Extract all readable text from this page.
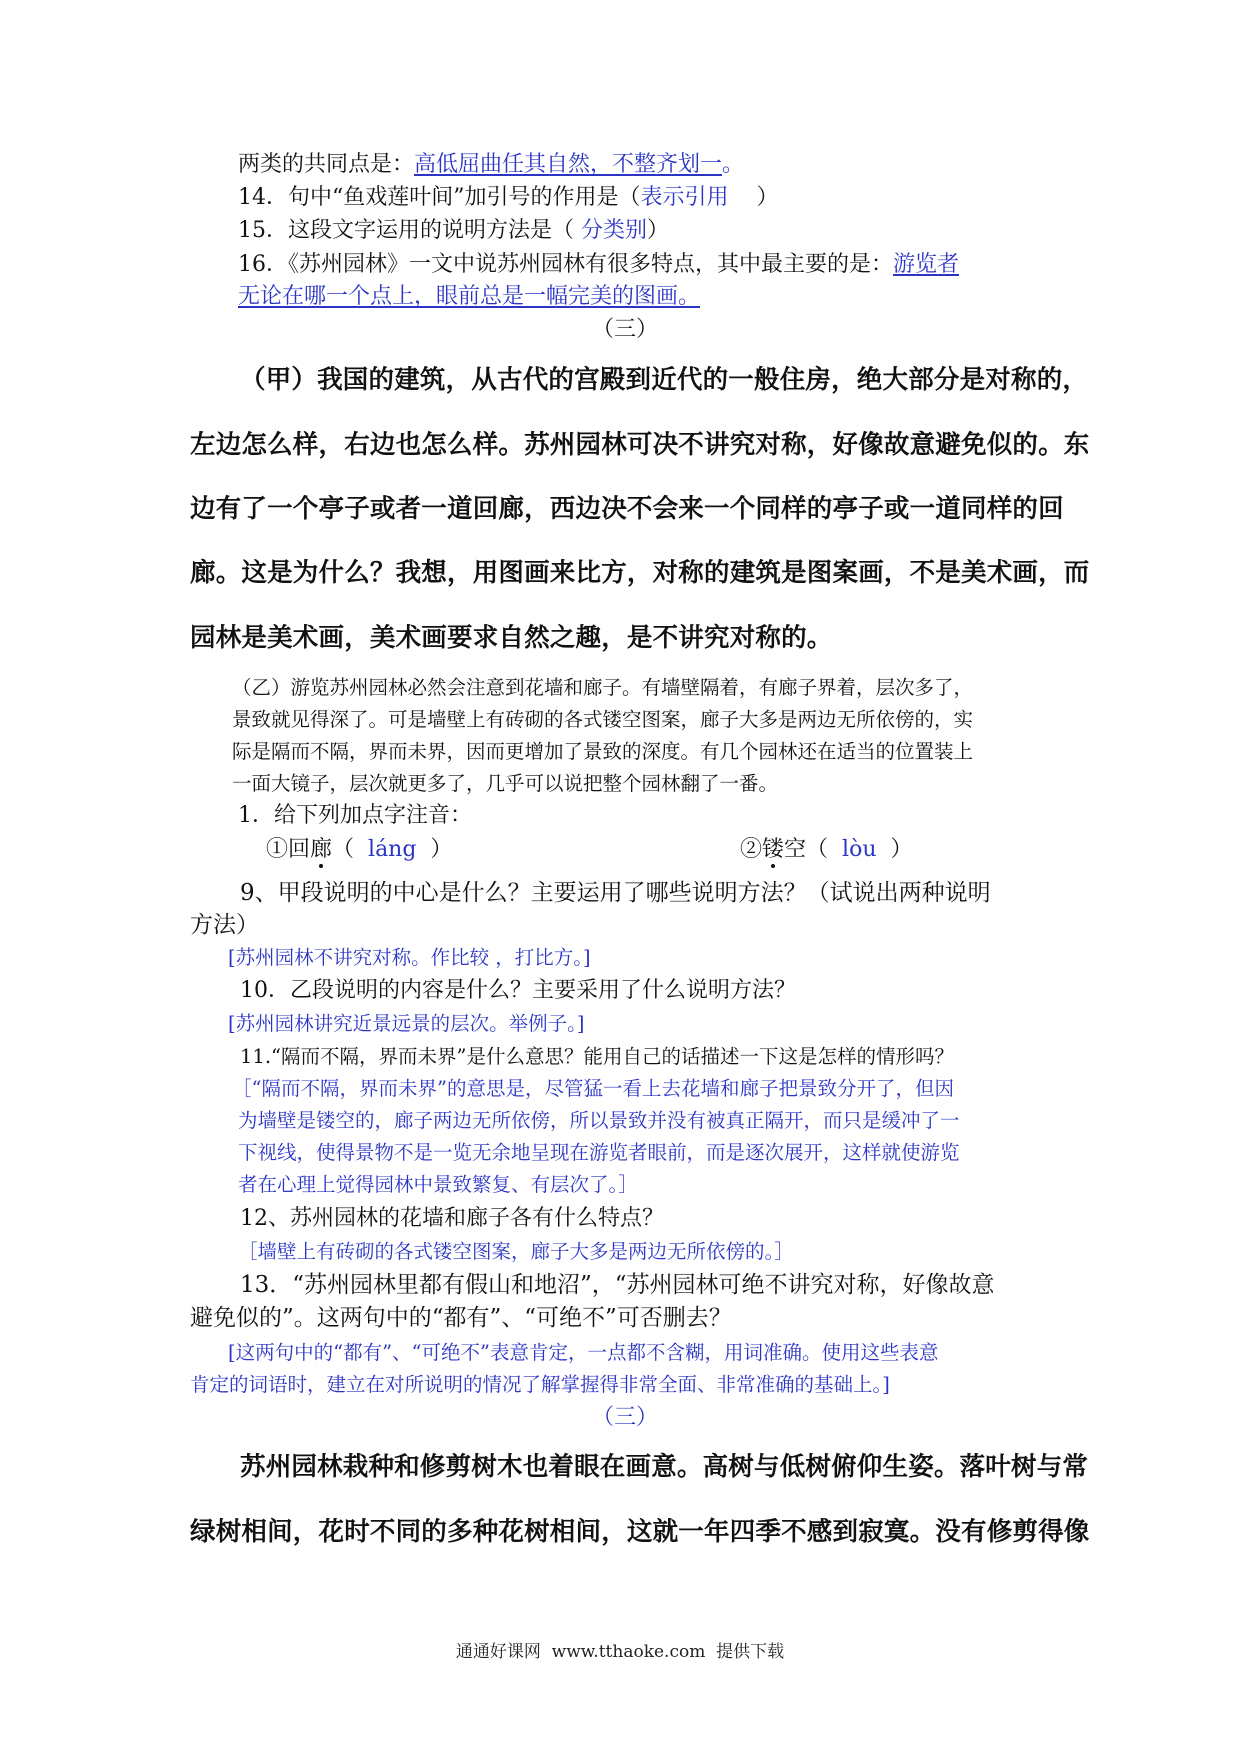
两类的共同点是：高低屈曲任其自然，不整齐划一。
14．句中“鱼戏莲叶间”加引号的作用是（表示引用    ）
15．这段文字运用的说明方法是（ 分类别）
16．《苏州园林》一文中说苏州园林有很多特点，其中最主要的是：游览者
无论在哪一个点上，眼前总是一幅完美的图画。
（三）
（甲）我国的建筑，从古代的宫殿到近代的一般住房，绝大部分是对称的，
左边怎么样，右边也怎么样。苏州园林可决不讲究对称，好像故意避免似的。东
边有了一个亭子或者一道回廊，西边决不会来一个同样的亭子或一道同样的回
廊。这是为什么？我想，用图画来比方，对称的建筑是图案画，不是美术画，而
园林是美术画，美术画要求自然之趣，是不讲究对称的。
（乙）游览苏州园林必然会注意到花墙和廊子。有墙壁隔着，有廊子界着，层次多了，
景致就见得深了。可是墙壁上有砖砌的各式镂空图案，廊子大多是两边无所依傍的，实
际是隔而不隔，界而未界，因而更增加了景致的深度。有几个园林还在适当的位置装上
一面大镜子，层次就更多了，几乎可以说把整个园林翻了一番。
1．给下列加点字注音：
①回廊（  láng  ）	②镂空（  lòu  ）
9、甲段说明的中心是什么？主要运用了哪些说明方法？（试说出两种说明
方法）
[苏州园林不讲究对称。作比较 ，打比方。]
10．乙段说明的内容是什么？主要采用了什么说明方法？
[苏州园林讲究近景远景的层次。举例子。]
11.“隔而不隔，界而未界”是什么意思？能用自己的话描述一下这是怎样的情形吗？
［“隔而不隔，界而未界”的意思是，尽管猛一看上去花墙和廊子把景致分开了，但因
为墙壁是镂空的，廊子两边无所依傍，所以景致并没有被真正隔开，而只是缓冲了一
下视线，使得景物不是一览无余地呈现在游览者眼前，而是逐次展开，这样就使游览
者在心理上觉得园林中景致繁复、有层次了。］
12、苏州园林的花墙和廊子各有什么特点？
［墙壁上有砖砌的各式镂空图案，廊子大多是两边无所依傍的。］
13．“苏州园林里都有假山和地沼”，“苏州园林可绝不讲究对称，好像故意
避免似的”。这两句中的“都有”、“可绝不”可否删去？
[这两句中的“都有”、“可绝不”表意肯定，一点都不含糊，用词准确。使用这些表意
肯定的词语时，建立在对所说明的情况了解掌握得非常全面、非常准确的基础上。]
（三）
苏州园林栽种和修剪树木也着眼在画意。高树与低树俯仰生姿。落叶树与常
绿树相间，花时不同的多种花树相间，这就一年四季不感到寂寞。没有修剪得像
通通好课网  www.tthaoke.com  提供下载
